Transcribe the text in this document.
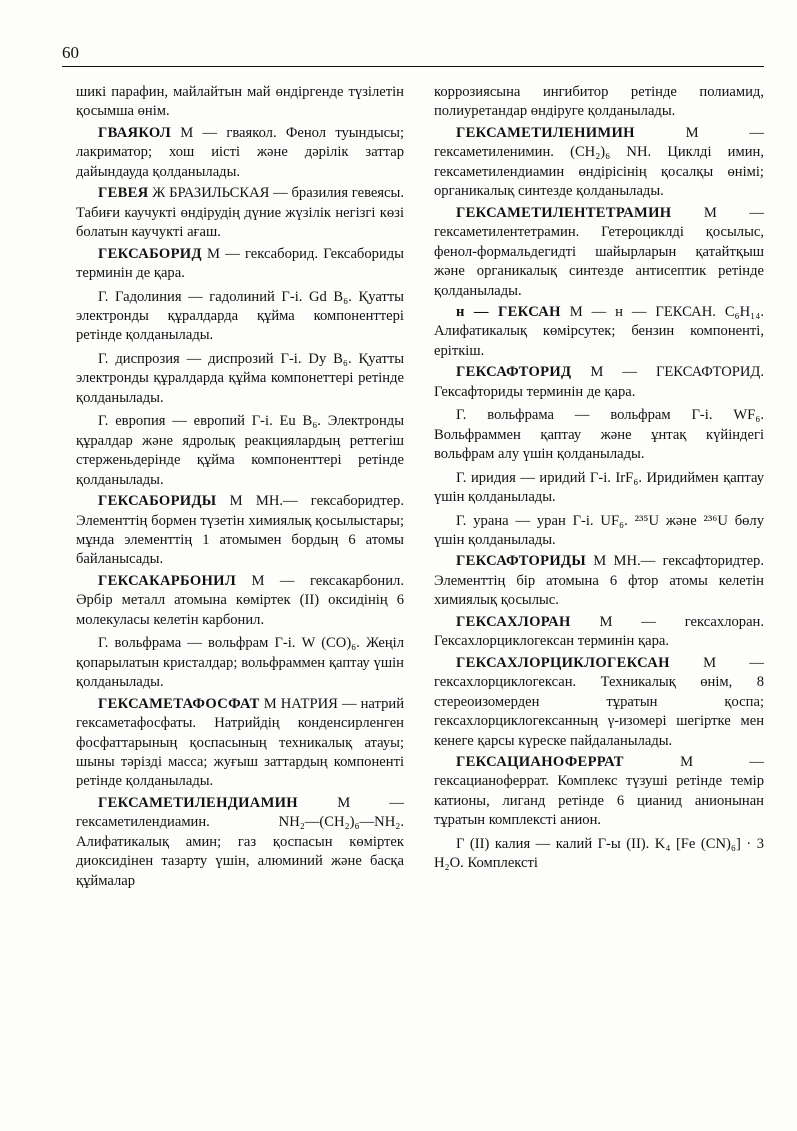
60

шикі парафин, майлайтын май өндіргенде түзілетін қосымша өнім.

ГВАЯКОЛ М — гваякол. Фенол туындысы; лакриматор; хош иісті және дәрілік заттар дайындауда қолданылады.

ГЕВЕЯ Ж БРАЗИЛЬСКАЯ — бразилия гевеясы. Табиғи каучукті өндірудің дүние жүзілік негізгі көзі болатын каучукті ағаш.

ГЕКСАБОРИД М — гексаборид. Гексабориды терминін де қара.

Г. Гадолиния — гадолиний Г-і. Gd B₆. Қуатты электронды құралдарда құйма компоненттері ретінде қолданылады.

Г. диспрозия — диспрозий Г-і. Dy B₆. Қуатты электронды құралдарда құйма компонеттері ретінде қолданылады.

Г. европия — европий Г-і. Eu B₆. Электронды құралдар және ядролық реакциялардың реттегіш стерженьдерінде құйма компоненттері ретінде қолданылады.

ГЕКСАБОРИДЫ М МН.— гексаборидтер. Элементтің бормен түзетін химиялық қосылыстары; мұнда элементтің 1 атомымен бордың 6 атомы байланысады.

ГЕКСАКАРБОНИЛ М — гексакарбонил. Әрбір металл атомына көміртек (II) оксидінің 6 молекуласы келетін карбонил.

Г. вольфрама — вольфрам Г-і. W (CO)₆. Жеңіл қопарылатын кристалдар; вольфраммен қаптау үшін қолданылады.

ГЕКСАМЕТАФОСФАТ М НАТРИЯ — натрий гексаметафосфаты. Натрийдің конденсирленген фосфаттарының қоспасының техникалық атауы; шыны тәрізді масса; жуғыш заттардың компоненті ретінде қолданылады.

ГЕКСАМЕТИЛЕНДИАМИН	М — гексаметилендиамин. NH₂—(CH₂)₆—NH₂. Алифатикалық амин; газ қоспасын көміртек диоксидінен тазарту үшін, алюминий және басқа құймалар

коррозиясына ингибитор ретінде полиамид, полиуретандар өндіруге қолданылады.

ГЕКСАМЕТИЛЕНИМИН	М — гексаметиленимин. (CH₂)₆ NH. Циклді имин, гексаметилендиамин өндірісінің қосалқы өнімі; органикалық синтезде қолданылады.

ГЕКСАМЕТИЛЕНТЕТРАМИН М — гексаметилентетрамин. Гетероциклді қосылыс, фенол-формальдегидті шайырларын қатайтқыш және органикалық синтезде антисептик ретінде қолданылады.

н — ГЕКСАН М — н — ГЕКСАН. C₆H₁₄. Алифатикалық көмірсутек; бензин компоненті, еріткіш.

ГЕКСАФТОРИД М — ГЕКСАФТОРИД. Гексафториды терминін де қара.

Г. вольфрама — вольфрам Г-і. WF₆. Вольфраммен қаптау және ұнтақ күйіндегі вольфрам алу үшін қолданылады.

Г. иридия — иридий Г-і. IrF₆. Иридиймен қаптау үшін қолданылады.

Г. урана — уран Г-і. UF₆. ²³⁵U және ²³⁶U бөлу үшін қолданылады.

ГЕКСАФТОРИДЫ М МН.— гексафторидтер. Элементтің бір атомына 6 фтор атомы келетін химиялық қосылыс.

ГЕКСАХЛОРАН М — гексахлоран. Гексахлорциклогексан терминін қара.

ГЕКСАХЛОРЦИКЛОГЕКСАН М — гексахлорциклогексан. Техникалық өнім, 8 стереоизомерден тұратын қоспа; гексахлорциклогексанның γ-изомері шегіртке мен кенеге қарсы күреске пайдаланылады.

ГЕКСАЦИАНОФЕРРАТ	М — гексацианоферрат. Комплекс түзуші ретінде темір катионы, лиганд ретінде 6 цианид анионынан тұратын комплексті анион.

Г (II) калия — калий Г-ы (II). K₄ [Fe (CN)₆] · 3 H₂O. Комплексті
